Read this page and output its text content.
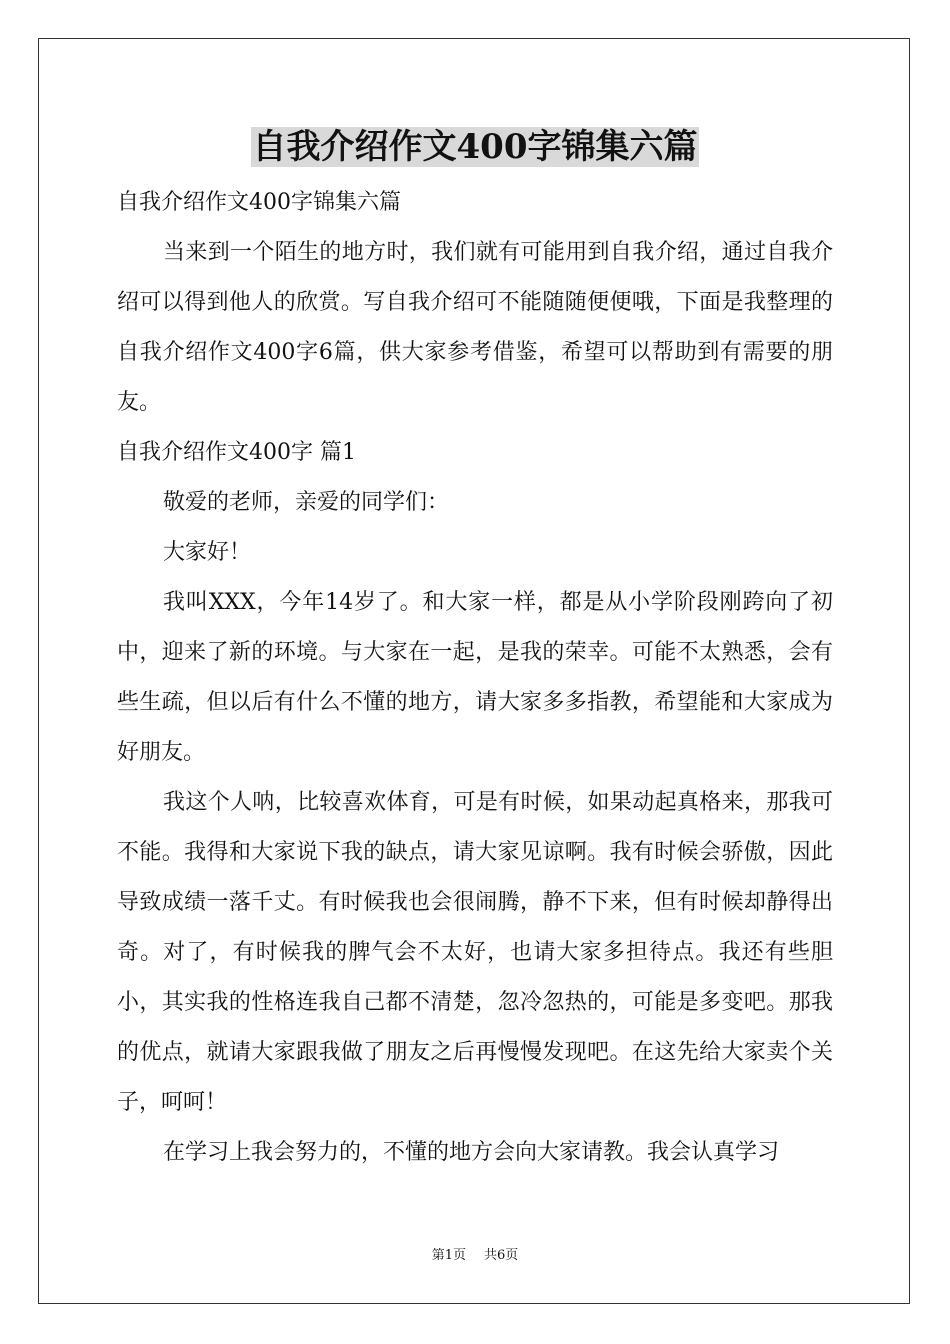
自我介绍作文400字锦集六篇

自我介绍作文400字锦集六篇

当来到一个陌生的地方时，我们就有可能用到自我介绍，通过自我介绍可以得到他人的欣赏。写自我介绍可不能随随便便哦，下面是我整理的自我介绍作文400字6篇，供大家参考借鉴，希望可以帮助到有需要的朋友。

自我介绍作文400字 篇1

敬爱的老师，亲爱的同学们：

大家好！

我叫XXX，今年14岁了。和大家一样，都是从小学阶段刚跨向了初中，迎来了新的环境。与大家在一起，是我的荣幸。可能不太熟悉，会有些生疏，但以后有什么不懂的地方，请大家多多指教，希望能和大家成为好朋友。

我这个人呐，比较喜欢体育，可是有时候，如果动起真格来，那我可不能。我得和大家说下我的缺点，请大家见谅啊。我有时候会骄傲，因此导致成绩一落千丈。有时候我也会很闹腾，静不下来，但有时候却静得出奇。对了，有时候我的脾气会不太好，也请大家多担待点。我还有些胆小，其实我的性格连我自己都不清楚，忽冷忽热的，可能是多变吧。那我的优点，就请大家跟我做了朋友之后再慢慢发现吧。在这先给大家卖个关子，呵呵！

在学习上我会努力的，不懂的地方会向大家请教。我会认真学习

第1页 共6页
